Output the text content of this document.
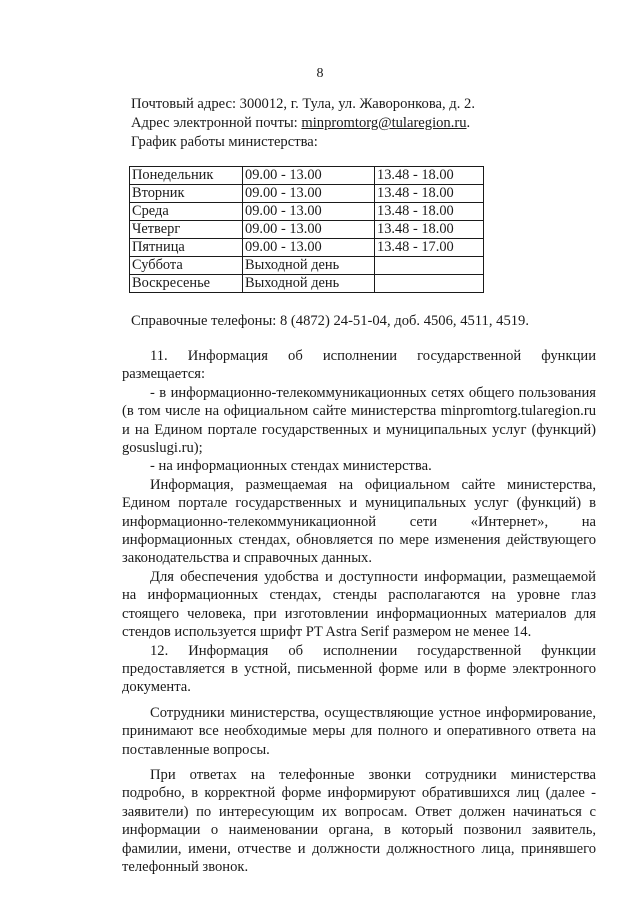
8
Почтовый адрес: 300012, г. Тула, ул. Жаворонкова, д. 2.
Адрес электронной почты: minpromtorg@tularegion.ru.
График работы министерства:
Понедельник	09.00 - 13.00	13.48 - 18.00
Вторник	09.00 - 13.00	13.48 - 18.00
Среда	09.00 - 13.00	13.48 - 18.00
Четверг	09.00 - 13.00	13.48 - 18.00
Пятница	09.00 - 13.00	13.48 - 17.00
Суббота	Выходной день	
Воскресенье	Выходной день	
Справочные телефоны: 8 (4872) 24-51-04, доб. 4506, 4511, 4519.

11. Информация об исполнении государственной функции размещается:

- в информационно-телекоммуникационных сетях общего пользования (в том числе на официальном сайте министерства minpromtorg.tularegion.ru и на Едином портале государственных и муниципальных услуг (функций) gosuslugi.ru);

- на информационных стендах министерства.

Информация, размещаемая на официальном сайте министерства, Едином портале государственных и муниципальных услуг (функций) в информационно-телекоммуникационной сети «Интернет», на информационных стендах, обновляется по мере изменения действующего законодательства и справочных данных.

Для обеспечения удобства и доступности информации, размещаемой на информационных стендах, стенды располагаются на уровне глаз стоящего человека, при изготовлении информационных материалов для стендов используется шрифт PT Astra Serif размером не менее 14.

12. Информация об исполнении государственной функции предоставляется в устной, письменной форме или в форме электронного документа.

Сотрудники министерства, осуществляющие устное информирование, принимают все необходимые меры для полного и оперативного ответа на поставленные вопросы.

При ответах на телефонные звонки сотрудники министерства подробно, в корректной форме информируют обратившихся лиц (далее - заявители) по интересующим их вопросам. Ответ должен начинаться с информации о наименовании органа, в который позвонил заявитель, фамилии, имени, отчестве и должности должностного лица, принявшего телефонный звонок.
